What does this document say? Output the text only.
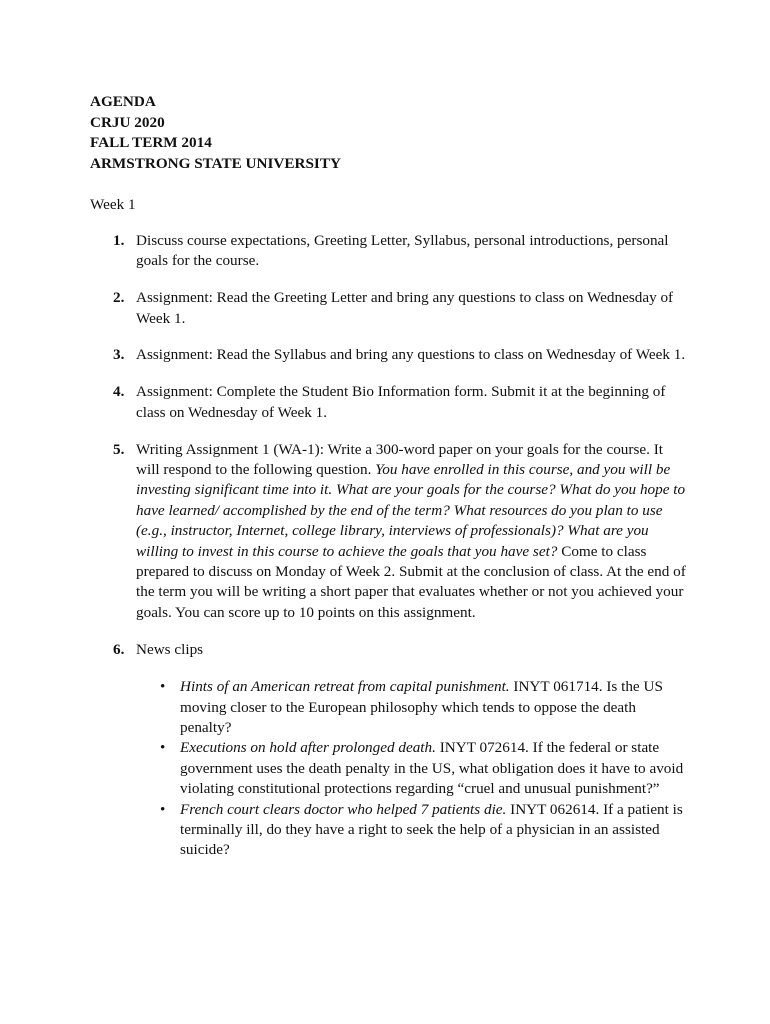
AGENDA
CRJU 2020
FALL TERM 2014
ARMSTRONG STATE UNIVERSITY
Week 1
1. Discuss course expectations, Greeting Letter, Syllabus, personal introductions, personal goals for the course.
2. Assignment: Read the Greeting Letter and bring any questions to class on Wednesday of Week 1.
3. Assignment: Read the Syllabus and bring any questions to class on Wednesday of Week 1.
4. Assignment: Complete the Student Bio Information form. Submit it at the beginning of class on Wednesday of Week 1.
5. Writing Assignment 1 (WA-1): Write a 300-word paper on your goals for the course. It will respond to the following question. You have enrolled in this course, and you will be investing significant time into it. What are your goals for the course? What do you hope to have learned/ accomplished by the end of the term? What resources do you plan to use (e.g., instructor, Internet, college library, interviews of professionals)? What are you willing to invest in this course to achieve the goals that you have set? Come to class prepared to discuss on Monday of Week 2. Submit at the conclusion of class. At the end of the term you will be writing a short paper that evaluates whether or not you achieved your goals. You can score up to 10 points on this assignment.
6. News clips
• Hints of an American retreat from capital punishment. INYT 061714. Is the US moving closer to the European philosophy which tends to oppose the death penalty?
• Executions on hold after prolonged death. INYT 072614. If the federal or state government uses the death penalty in the US, what obligation does it have to avoid violating constitutional protections regarding “cruel and unusual punishment?”
• French court clears doctor who helped 7 patients die. INYT 062614. If a patient is terminally ill, do they have a right to seek the help of a physician in an assisted suicide?
